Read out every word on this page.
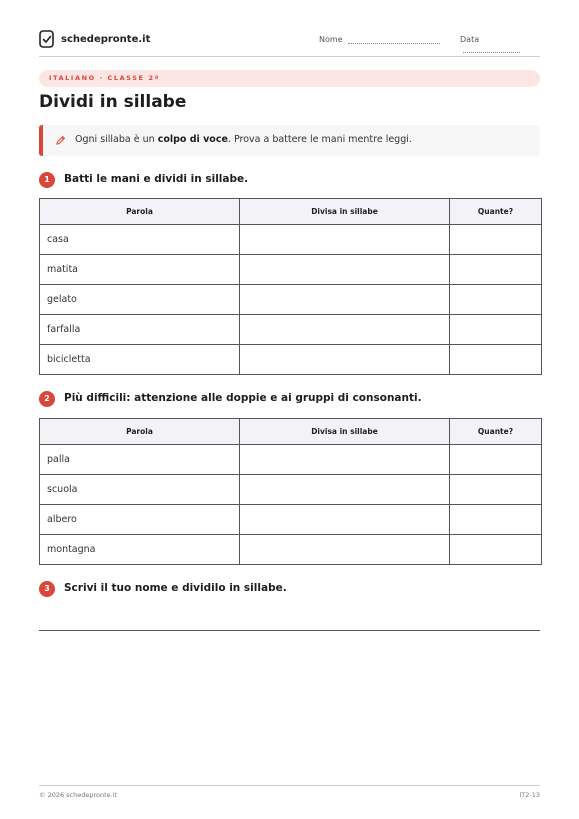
schedepronte.it	Nome	Data
ITALIANO · CLASSE 2ª
Dividi in sillabe
Ogni sillaba è un colpo di voce. Prova a battere le mani mentre leggi.
1	Batti le mani e dividi in sillabe.
Parola	Divisa in sillabe	Quante?
casa		
matita		
gelato		
farfalla		
bicicletta		
2	Più difficili: attenzione alle doppie e ai gruppi di consonanti.
Parola	Divisa in sillabe	Quante?
palla		
scuola		
albero		
montagna		
3	Scrivi il tuo nome e dividilo in sillabe.
© 2026 schedepronte.it	IT2-13
